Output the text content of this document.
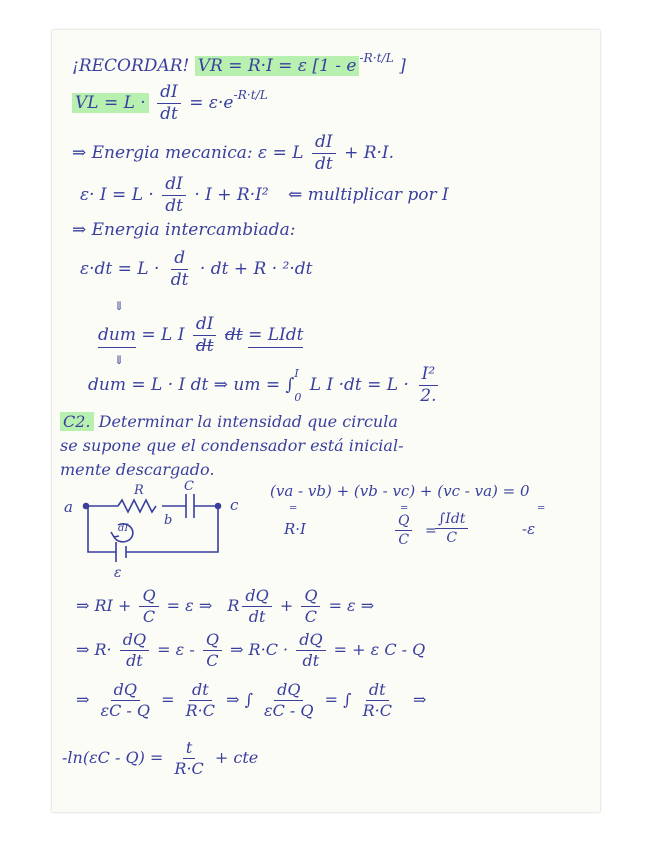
¡RECORDAR! VR = R·I = ε [1 - e $^{-R\cdot t/L}$ ]
VL = $L \cdot \frac{dI}{dt} = \varepsilon\cdot e^{-R\cdot t/L}$
⇒ Energia mecanica: ε = L $\frac{dI}{dt} + R\cdot I$.
$\varepsilon\cdot I = L \cdot \frac{dI}{dt} \cdot I + R\cdot I^2$ ⇐ multiplicar por I
⇒ Energia intercambiada:
$\varepsilon\cdot dt = L \cdot \frac{d}{dt}$ · dt + R · ²·dt
dum = L I $\frac{dI}{dt}$ dt = LIdt
dum = L · I dt ⇒ um = ∫
I
0
L $I \cdot dt = L \cdot \frac{\text{I²}}{2.}$
C2. Determinar la intensidad que circula
se supone que el condensador está inicial-
mente descargado.
a
R	C
b
c
dI
ε
(va - vb) + (vb - vc) + (vc - va) = 0
=	=	=
R·I	$\frac{Q}{C}$ =
$\frac{\text{∫Idt}}{C}$	-ε
⇒ RI + $\frac{Q}{C} = \varepsilon$ ⇒ R $\frac{dQ}{dt} + \frac{Q}{C} = \varepsilon$ ⇒
⇒ $R\cdot \frac{dQ}{dt} = \varepsilon - \frac{Q}{C}$ ⇒ $R\cdot C \cdot \frac{dQ}{dt}$ = + ε C - Q
⇒ $\frac{dQ}{\varepsilon C - Q} = \frac{dt}{R\cdot C}$ ⇒ ∫ $\frac{dQ}{\varepsilon C - Q}$ = ∫ $\frac{dt}{R\cdot C}$ ⇒
$-\ln(\varepsilon C - Q) = \frac{t}{R\cdot C}$ + cte
⇓
⇓
